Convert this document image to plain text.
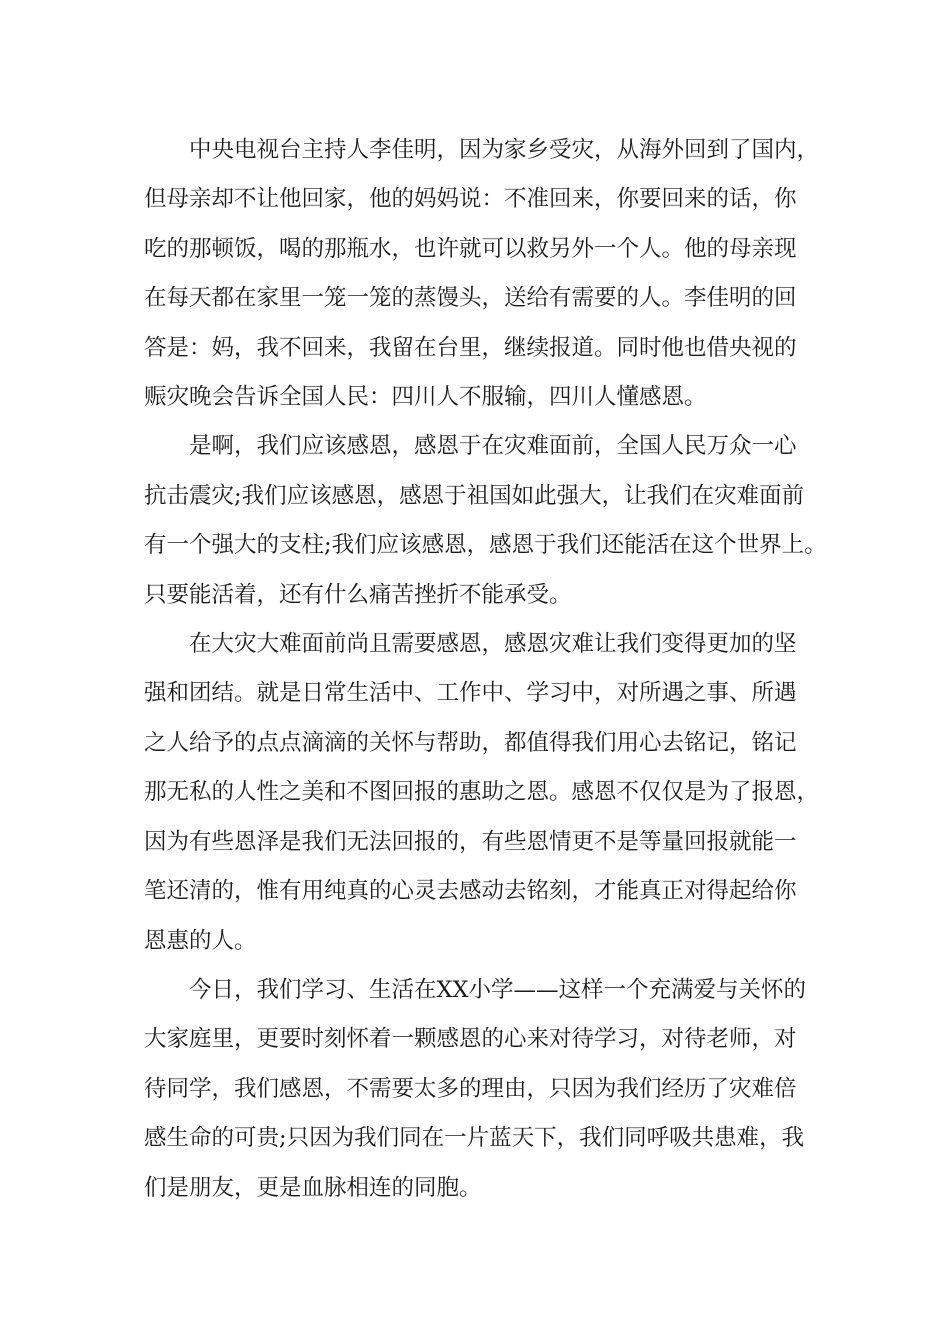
中央电视台主持人李佳明，因为家乡受灾，从海外回到了国内，
但母亲却不让他回家，他的妈妈说：不准回来，你要回来的话，你
吃的那顿饭，喝的那瓶水，也许就可以救另外一个人。他的母亲现
在每天都在家里一笼一笼的蒸馒头，送给有需要的人。李佳明的回
答是：妈，我不回来，我留在台里，继续报道。同时他也借央视的
赈灾晚会告诉全国人民：四川人不服输，四川人懂感恩。
是啊，我们应该感恩，感恩于在灾难面前，全国人民万众一心
抗击震灾;我们应该感恩，感恩于祖国如此强大，让我们在灾难面前
有一个强大的支柱;我们应该感恩，感恩于我们还能活在这个世界上。
只要能活着，还有什么痛苦挫折不能承受。
在大灾大难面前尚且需要感恩，感恩灾难让我们变得更加的坚
强和团结。就是日常生活中、工作中、学习中，对所遇之事、所遇
之人给予的点点滴滴的关怀与帮助，都值得我们用心去铭记，铭记
那无私的人性之美和不图回报的惠助之恩。感恩不仅仅是为了报恩，
因为有些恩泽是我们无法回报的，有些恩情更不是等量回报就能一
笔还清的，惟有用纯真的心灵去感动去铭刻，才能真正对得起给你
恩惠的人。
今日，我们学习、生活在XX小学——这样一个充满爱与关怀的
大家庭里，更要时刻怀着一颗感恩的心来对待学习，对待老师，对
待同学，我们感恩，不需要太多的理由，只因为我们经历了灾难倍
感生命的可贵;只因为我们同在一片蓝天下，我们同呼吸共患难，我
们是朋友，更是血脉相连的同胞。
